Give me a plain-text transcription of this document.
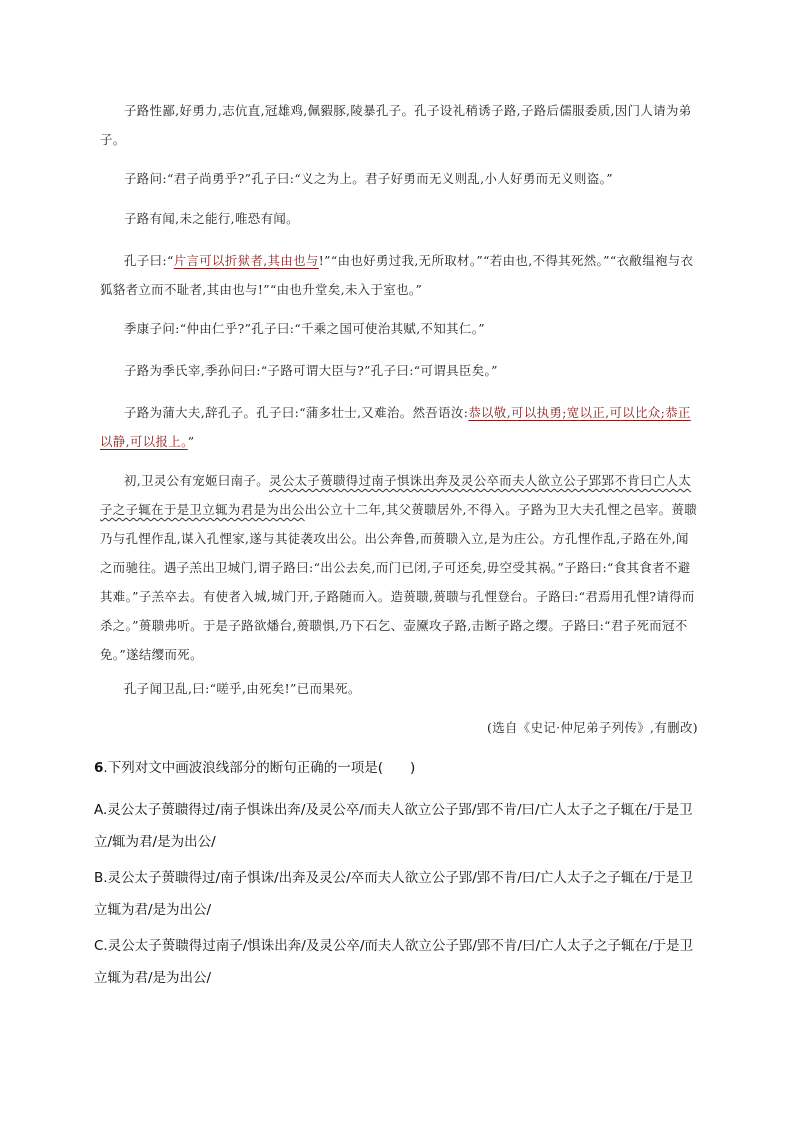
子路性鄙,好勇力,志伉直,冠雄鸡,佩豭豚,陵暴孔子。孔子设礼稍诱子路,子路后儒服委质,因门人请为弟子。

子路问:“君子尚勇乎?”孔子曰:“义之为上。君子好勇而无义则乱,小人好勇而无义则盗。”

子路有闻,未之能行,唯恐有闻。

孔子曰:“片言可以折狱者,其由也与!”“由也好勇过我,无所取材。”“若由也,不得其死然。”“衣敝缊袍与衣狐貉者立而不耻者,其由也与!”“由也升堂矣,未入于室也。”

季康子问:“仲由仁乎?”孔子曰:“千乘之国可使治其赋,不知其仁。”

子路为季氏宰,季孙问曰:“子路可谓大臣与?”孔子曰:“可谓具臣矣。”

子路为蒲大夫,辞孔子。孔子曰:“蒲多壮士,又难治。然吾语汝:恭以敬,可以执勇;宽以正,可以比众;恭正以静,可以报上。”

初,卫灵公有宠姬曰南子。灵公太子蒉聩得过南子惧诛出奔及灵公卒而夫人欲立公子郢郢不肯曰亡人太子之子辄在于是卫立辄为君是为出公出公立十二年,其父蒉聩居外,不得入。子路为卫大夫孔悝之邑宰。蒉聩乃与孔悝作乱,谋入孔悝家,遂与其徒袭攻出公。出公奔鲁,而蒉聩入立,是为庄公。方孔悝作乱,子路在外,闻之而驰往。遇子羔出卫城门,谓子路曰:“出公去矣,而门已闭,子可还矣,毋空受其祸。”子路曰:“食其食者不避其难。”子羔卒去。有使者入城,城门开,子路随而入。造蒉聩,蒉聩与孔悝登台。子路曰:“君焉用孔悝?请得而杀之。”蒉聩弗听。于是子路欲燔台,蒉聩惧,乃下石乞、壶黡攻子路,击断子路之缨。子路曰:“君子死而冠不免。”遂结缨而死。

孔子闻卫乱,曰:“嗟乎,由死矣!”已而果死。

(选自《史记·仲尼弟子列传》,有删改)

6.下列对文中画波浪线部分的断句正确的一项是(　　)

A.灵公太子蒉聩得过/南子惧诛出奔/及灵公卒/而夫人欲立公子郢/郢不肯/曰/亡人太子之子辄在/于是卫立/辄为君/是为出公/

B.灵公太子蒉聩得过/南子惧诛/出奔及灵公/卒而夫人欲立公子郢/郢不肯/曰/亡人太子之子辄在/于是卫立辄为君/是为出公/

C.灵公太子蒉聩得过南子/惧诛出奔/及灵公卒/而夫人欲立公子郢/郢不肯/曰/亡人太子之子辄在/于是卫立辄为君/是为出公/
